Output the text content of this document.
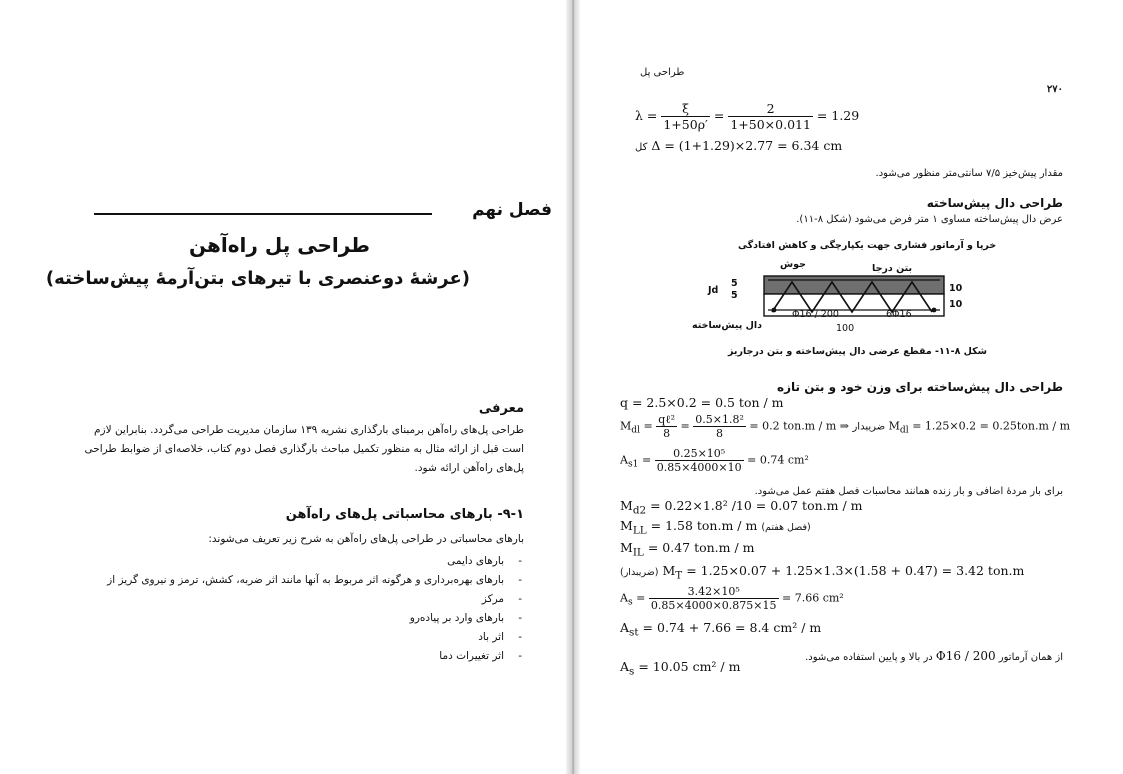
فصل نهم
طراحی پل راه‌آهن
(عرشهٔ دوعنصری با تیرهای بتن‌آرمهٔ پیش‌ساخته)
معرفی
طراحی پل‌های راه‌آهن برمبنای بارگذاری نشریه ۱۳۹ سازمان مدیریت طراحی می‌گردد. بنابراین لازم
است قبل از ارائه مثال به منظور تکمیل مباحث بارگذاری فصل دوم کتاب، خلاصه‌ای از ضوابط طراحی
پل‌های راه‌آهن ارائه شود.
۹-۱- بارهای محاسباتی پل‌های راه‌آهن
بارهای محاسباتی در طراحی پل‌های راه‌آهن به شرح زیر تعریف می‌شوند:
- بارهای دایمی
- بارهای بهره‌برداری و هرگونه اثر مربوط به آنها مانند اثر ضربه، کشش، ترمز و نیروی گریز از
- مرکز
- بارهای وارد بر پیاده‌رو
- اثر باد
- اثر تغییرات دما
طراحی پل
۲۷۰
$\lambda = \frac{\xi}{1+50\rho'} = \frac{2}{1+50\times 0.011} = 1.29$
کل Δ = (1+1.29)×2.77 = 6.34 cm
مقدار پیش‌خیز ۷/۵ سانتی‌متر منظور می‌شود.
طراحی دال پیش‌ساخته
عرض دال پیش‌ساخته مساوی ۱ متر فرض می‌شود (شکل ۸-۱۱).
خرپا و آرماتور فشاری جهت یکپارچگی و کاهش افتادگی
جوش	بتن درجا
Jd
5
5
10
10
Φ16 / 200	6Φ16
دال پیش‌ساخته	100
شکل ۸-۱۱- مقطع عرضی دال پیش‌ساخته و بتن درجاریز
طراحی دال پیش‌ساخته برای وزن خود و بتن تازه
q = 2.5×0.2 = 0.5 ton / m
$M_{dl} = \frac{\text{qℓ²}}{8} = \frac{\text{0.5×1.8²}}{8} = 0.2$ ton.m / m ⇒ ضریبدار $M_{dl} = 1.25\times 0.2 = 0.25ton.m / m$
$A_{s1} = \frac{\text{0.25×10⁵}}{0.85\times 4000\times 10} = 0.74$ cm²
برای بار مردهٔ اضافی و بار زنده همانند محاسبات فصل هفتم عمل می‌شود.
$M_{d2} = 0.22\times 1.8^2$ /10 = 0.07 ton.m / m
$M_{LL} = 1.58$ ton.m / m (فصل هفتم)
$M_{IL} = 0.47$ ton.m / m
(ضریبدار) $M_T = 1.25\times 0.07 + 1.25\times 1.3\times(1.58 + 0.47) = 3.42$ ton.m
$A_s = \frac{\text{3.42×10⁵}}{0.85\times 4000\times 0.875\times 15} = 7.66$ cm²
$A_{st} = 0.74 + 7.66 = 8.4$ cm² / m
از همان آرماتور Φ16 / 200 در بالا و پایین استفاده می‌شود.
$A_s = 10.05$ cm² / m
